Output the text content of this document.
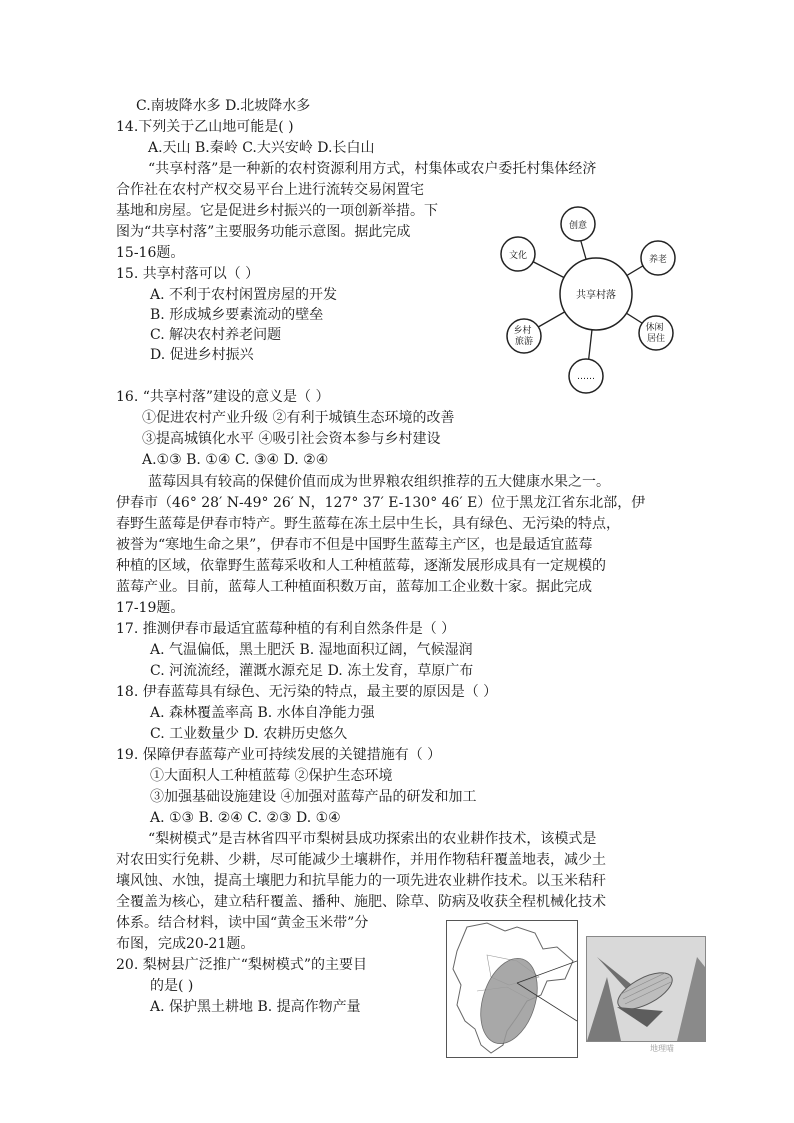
C.南坡降水多 D.北坡降水多
14.下列关于乙山地可能是( )
A.天山 B.秦岭 C.大兴安岭 D.长白山
“共享村落”是一种新的农村资源利用方式，村集体或农户委托村集体经济
合作社在农村产权交易平台上进行流转交易闲置宅
基地和房屋。它是促进乡村振兴的一项创新举措。下
图为“共享村落”主要服务功能示意图。据此完成
15-16题。
15. 共享村落可以（ ）
A. 不利于农村闲置房屋的开发
B. 形成城乡要素流动的壁垒
C. 解决农村养老问题
D. 促进乡村振兴
16. “共享村落”建设的意义是（ ）
①促进农村产业升级 ②有利于城镇生态环境的改善
③提高城镇化水平 ④吸引社会资本参与乡村建设
A.①③ B. ①④ C. ③④ D. ②④
蓝莓因具有较高的保健价值而成为世界粮农组织推荐的五大健康水果之一。
伊春市（46° 28′ N-49° 26′ N，127° 37′ E-130° 46′ E）位于黑龙江省东北部，伊
春野生蓝莓是伊春市特产。野生蓝莓在冻土层中生长，具有绿色、无污染的特点，
被誉为“寒地生命之果”，伊春市不但是中国野生蓝莓主产区，也是最适宜蓝莓
种植的区域，依靠野生蓝莓采收和人工种植蓝莓，逐渐发展形成具有一定规模的
蓝莓产业。目前，蓝莓人工种植面积数万亩，蓝莓加工企业数十家。据此完成
17-19题。
17. 推测伊春市最适宜蓝莓种植的有利自然条件是（ ）
A. 气温偏低，黑土肥沃 B. 湿地面积辽阔，气候湿润
C. 河流流经，灌溉水源充足 D. 冻土发育，草原广布
18. 伊春蓝莓具有绿色、无污染的特点，最主要的原因是（ ）
A. 森林覆盖率高 B. 水体自净能力强
C. 工业数量少 D. 农耕历史悠久
19. 保障伊春蓝莓产业可持续发展的关键措施有（ ）
①大面积人工种植蓝莓 ②保护生态环境
③加强基础设施建设 ④加强对蓝莓产品的研发和加工
A. ①③ B. ②④ C. ②③ D. ①④
“梨树模式”是吉林省四平市梨树县成功探索出的农业耕作技术，该模式是
对农田实行免耕、少耕，尽可能减少土壤耕作，并用作物秸秆覆盖地表，减少土
壤风蚀、水蚀，提高土壤肥力和抗旱能力的一项先进农业耕作技术。以玉米秸秆
全覆盖为核心，建立秸秆覆盖、播种、施肥、除草、防病及收获全程机械化技术
体系。结合材料，读中国“黄金玉米带”分
布图，完成20-21题。
20. 梨树县广泛推广“梨树模式”的主要目
的是( )
A. 保护黑土耕地 B. 提高作物产量
共享村落
创意
养老
休闲 居住
……
乡村 旅游
文化
地理喵
